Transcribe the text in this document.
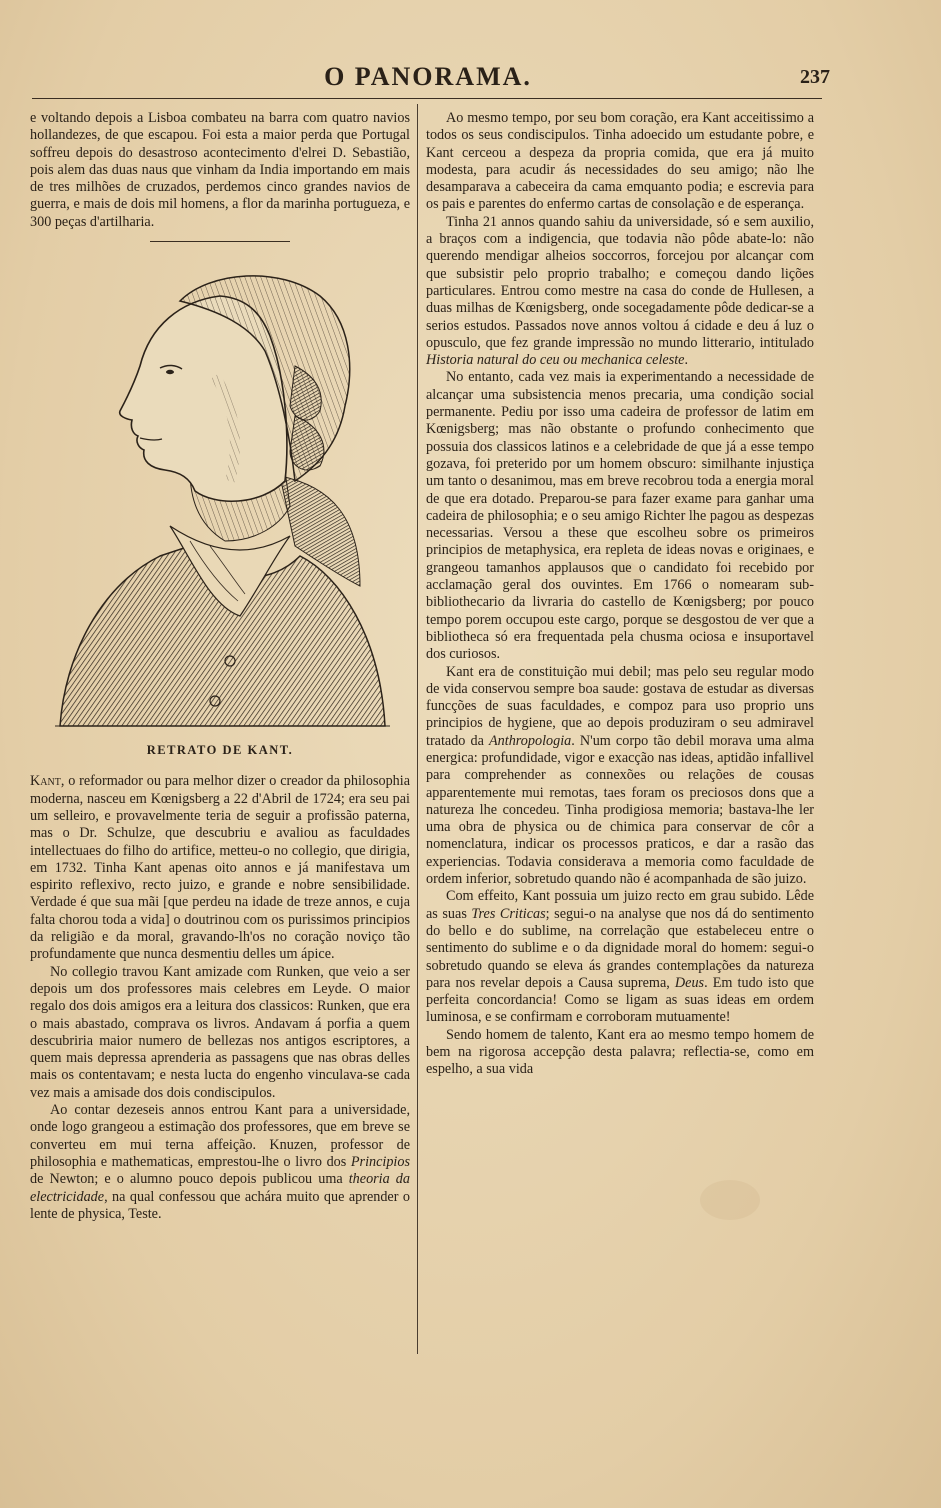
O PANORAMA.	237

e voltando depois a Lisboa combateu na barra com quatro navios hollandezes, de que escapou. Foi esta a maior perda que Portugal soffreu depois do desastroso acontecimento d'elrei D. Sebastião, pois alem das duas naus que vinham da India importando em mais de tres milhões de cruzados, perdemos cinco grandes navios de guerra, e mais de dois mil homens, a flor da marinha portugueza, e 300 peças d'artilharia.

RETRATO DE KANT.

Kant, o reformador ou para melhor dizer o creador da philosophia moderna, nasceu em Kœnigsberg a 22 d'Abril de 1724; era seu pai um selleiro, e provavelmente teria de seguir a profissão paterna, mas o Dr. Schulze, que descubriu e avaliou as faculdades intellectuaes do filho do artifice, metteu-o no collegio, que dirigia, em 1732. Tinha Kant apenas oito annos e já manifestava um espirito reflexivo, recto juizo, e grande e nobre sensibilidade. Verdade é que sua mãi [que perdeu na idade de treze annos, e cuja falta chorou toda a vida] o doutrinou com os purissimos principios da religião e da moral, gravando-lh'os no coração noviço tão profundamente que nunca desmentiu delles um ápice.

No collegio travou Kant amizade com Runken, que veio a ser depois um dos professores mais celebres em Leyde. O maior regalo dos dois amigos era a leitura dos classicos: Runken, que era o mais abastado, comprava os livros. Andavam á porfia a quem descubriria maior numero de bellezas nos antigos escriptores, a quem mais depressa aprenderia as passagens que nas obras delles mais os contentavam; e nesta lucta do engenho vinculava-se cada vez mais a amisade dos dois condiscipulos.

Ao contar dezeseis annos entrou Kant para a universidade, onde logo grangeou a estimação dos professores, que em breve se converteu em mui terna affeição. Knuzen, professor de philosophia e mathematicas, emprestou-lhe o livro dos Principios de Newton; e o alumno pouco depois publicou uma theoria da electricidade, na qual confessou que achára muito que aprender o lente de physica, Teste.

Ao mesmo tempo, por seu bom coração, era Kant acceitissimo a todos os seus condiscipulos. Tinha adoecido um estudante pobre, e Kant cerceou a despeza da propria comida, que era já muito modesta, para acudir ás necessidades do seu amigo; não lhe desamparava a cabeceira da cama emquanto podia; e escrevia para os pais e parentes do enfermo cartas de consolação e de esperança.

Tinha 21 annos quando sahiu da universidade, só e sem auxilio, a braços com a indigencia, que todavia não pôde abate-lo: não querendo mendigar alheios soccorros, forcejou por alcançar com que subsistir pelo proprio trabalho; e começou dando lições particulares. Entrou como mestre na casa do conde de Hullesen, a duas milhas de Kœnigsberg, onde socegadamente pôde dedicar-se a serios estudos. Passados nove annos voltou á cidade e deu á luz o opusculo, que fez grande impressão no mundo litterario, intitulado Historia natural do ceu ou mechanica celeste.

No entanto, cada vez mais ia experimentando a necessidade de alcançar uma subsistencia menos precaria, uma condição social permanente. Pediu por isso uma cadeira de professor de latim em Kœnigsberg; mas não obstante o profundo conhecimento que possuia dos classicos latinos e a celebridade de que já a esse tempo gozava, foi preterido por um homem obscuro: similhante injustiça um tanto o desanimou, mas em breve recobrou toda a energia moral de que era dotado. Preparou-se para fazer exame para ganhar uma cadeira de philosophia; e o seu amigo Richter lhe pagou as despezas necessarias. Versou a these que escolheu sobre os primeiros principios de metaphysica, era repleta de ideas novas e originaes, e grangeou tamanhos applausos que o candidato foi recebido por acclamação geral dos ouvintes. Em 1766 o nomearam sub-bibliothecario da livraria do castello de Kœnigsberg; por pouco tempo porem occupou este cargo, porque se desgostou de ver que a bibliotheca só era frequentada pela chusma ociosa e insuportavel dos curiosos.

Kant era de constituição mui debil; mas pelo seu regular modo de vida conservou sempre boa saude: gostava de estudar as diversas funcções de suas faculdades, e compoz para uso proprio uns principios de hygiene, que ao depois produziram o seu admiravel tratado da Anthropologia. N'um corpo tão debil morava uma alma energica: profundidade, vigor e exacção nas ideas, aptidão infallivel para comprehender as connexões ou relações de cousas apparentemente mui remotas, taes foram os preciosos dons que a natureza lhe concedeu. Tinha prodigiosa memoria; bastava-lhe ler uma obra de physica ou de chimica para conservar de côr a nomenclatura, indicar os processos praticos, e dar a rasão das experiencias. Todavia considerava a memoria como faculdade de ordem inferior, sobretudo quando não é acompanhada de são juizo.

Com effeito, Kant possuia um juizo recto em grau subido. Lêde as suas Tres Criticas; segui-o na analyse que nos dá do sentimento do bello e do sublime, na correlação que estabeleceu entre o sentimento do sublime e o da dignidade moral do homem: segui-o sobretudo quando se eleva ás grandes contemplações da natureza para nos revelar depois a Causa suprema, Deus. Em tudo isto que perfeita concordancia! Como se ligam as suas ideas em ordem luminosa, e se confirmam e corroboram mutuamente!

Sendo homem de talento, Kant era ao mesmo tempo homem de bem na rigorosa accepção desta palavra; reflectia-se, como em espelho, a sua vida
